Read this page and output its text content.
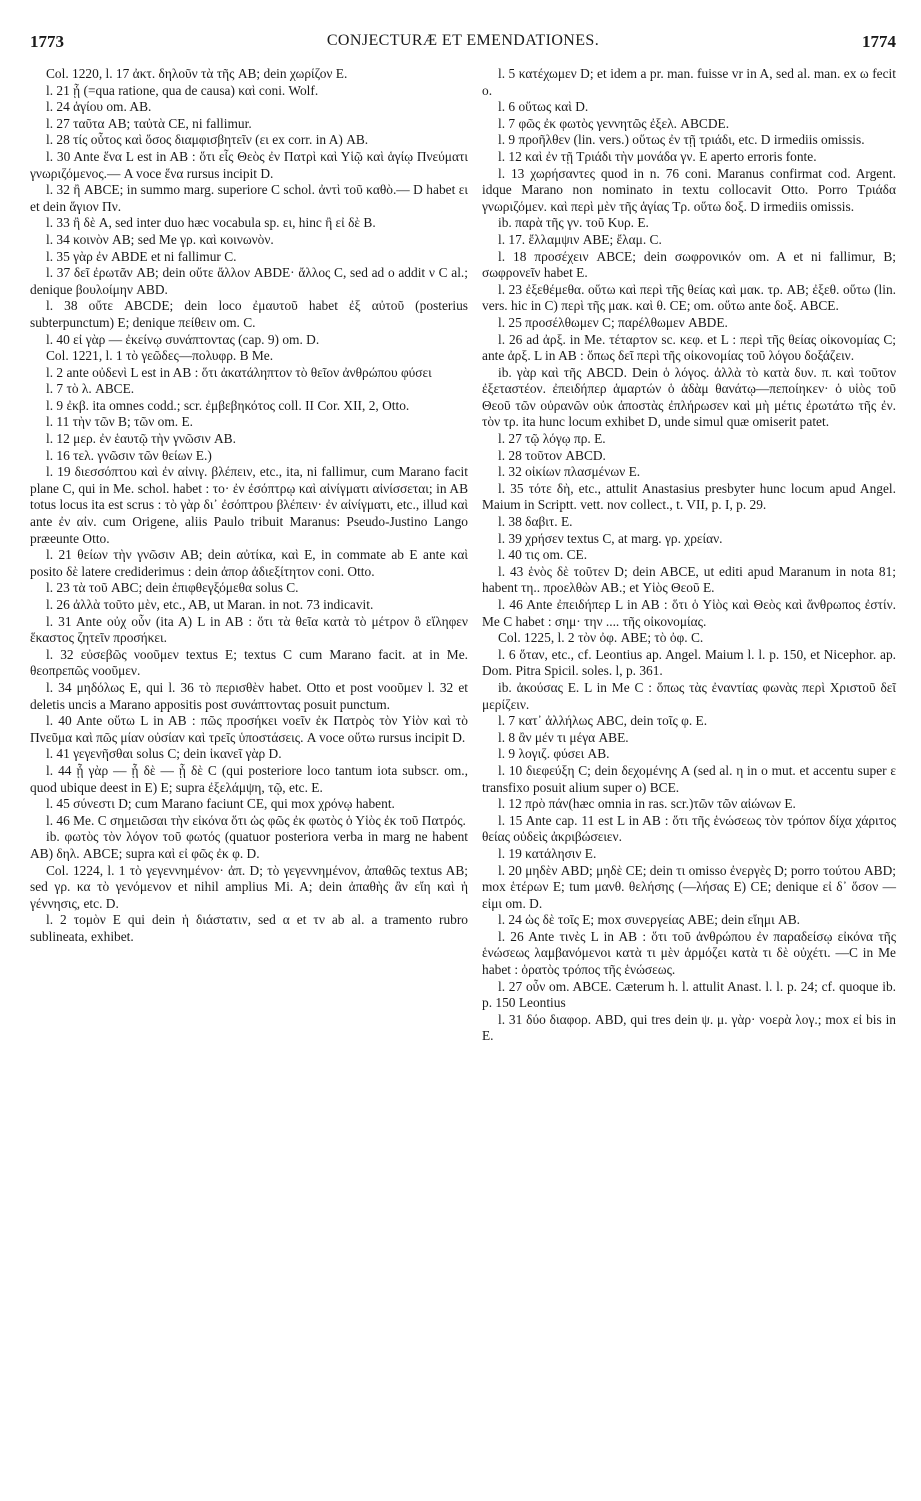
1773	CONJECTURÆ ET EMENDATIONES.	1774

Col. 1220, l. 17 ἀκτ. δηλοῦν τὰ τῆς AB; dein χωρίζον E.

l. 21 ᾗ (=qua ratione, qua de causa) καὶ coni. Wolf.

l. 24 ἁγίου om. AB.

l. 27 ταῦτα AB; ταὐτὰ CE, ni fallimur.

l. 28 τίς οὗτος καὶ ὅσος διαμφισβητεῖν (ει ex corr. in A) AB.

l. 30 Ante ἕνα L est in AB : ὅτι εἷς Θεὸς ἐν Πατρὶ καὶ Υἱῷ καὶ ἁγίῳ Πνεύματι γνωριζόμενος.— A voce ἕνα rursus incipit D.

l. 32 ἢ ABCE; in summo marg. superiore C schol. ἀντὶ τοῦ καθὸ.— D habet ει et dein ἅγιον Πν.

l. 33 ἢ δὲ A, sed inter duo hæc vocabula sp. ει, hinc ἢ εἰ δὲ B.

l. 34 κοινὸν AB; sed Me γρ. καὶ κοινωνὸν.

l. 35 γὰρ ἐν ABDE et ni fallimur C.

l. 37 δεῖ ἐρωτᾶν AB; dein οὔτε ἄλλον ABDE· ἄλλος C, sed ad ο addit ν C al.; denique βουλοίμην ABD.

l. 38 οὔτε ABCDE; dein loco ἐμαυτοῦ habet ἐξ αὐτοῦ (posterius subterpunctum) E; denique πείθειν om. C.

l. 40 εἰ γὰρ — ἐκείνῳ συνάπτοντας (cap. 9) om. D.

Col. 1221, l. 1 τὸ γεῶδες—πολυφρ. B Me.

l. 2 ante οὐδενὶ L est in AB : ὅτι ἀκατάληπτον τὸ θεῖον ἀνθρώπου φύσει

l. 7 τὸ λ. ABCE.

l. 9 ἐκβ. ita omnes codd.; scr. ἐμβεβηκότος coll. II Cor. XII, 2, Otto.

l. 11 τὴν τῶν B; τῶν om. E.

l. 12 μερ. ἐν ἑαυτῷ τὴν γνῶσιν AB.

l. 16 τελ. γνῶσιν τῶν θείων E.)

l. 19 διεσσόπτου καὶ ἐν αἰνιγ. βλέπειν, etc., ita, ni fallimur, cum Marano facit plane C, qui in Me. schol. habet : το· ἐν ἐσόπτρῳ καὶ αἰνίγματι αἰνίσσεται; in AB totus locus ita est scrus : τὸ γὰρ δι᾽ ἐσόπτρου βλέπειν· ἐν αἰνίγματι, etc., illud καὶ ante ἐν αἰν. cum Origene, aliis Paulo tribuit Maranus: Pseudo-Justino Lango præeunte Otto.

l. 21 θείων τὴν γνῶσιν AB; dein αὐτίκα, καὶ E, in commate ab E ante καὶ posito δὲ latere crediderimus : dein ἀπορ ἀδιεξίτητον coni. Otto.

l. 23 τὰ τοῦ ABC; dein ἐπιφθεγξόμεθα solus C.

l. 26 ἀλλὰ τοῦτο μὲν, etc., AB, ut Maran. in not. 73 indicavit.

l. 31 Ante οὐχ οὖν (ita A) L in AB : ὅτι τὰ θεῖα κατὰ τὸ μέτρον ὃ εἴληφεν ἕκαστος ζητεῖν προσήκει.

l. 32 εὐσεβῶς νοοῦμεν textus E; textus C cum Marano facit. at in Me. θεοπρεπῶς νοοῦμεν.

l. 34 μηδόλως E, qui l. 36 τὸ περισθὲν habet. Otto et post νοοῦμεν l. 32 et deletis uncis a Marano appositis post συνάπτοντας posuit punctum.

l. 40 Ante οὕτω L in AB : πῶς προσήκει νοεῖν ἐκ Πατρὸς τὸν Υἱὸν καὶ τὸ Πνεῦμα καὶ πῶς μίαν οὐσίαν καὶ τρεῖς ὑποστάσεις. A voce οὕτω rursus incipit D.

l. 41 γεγενῆσθαι solus C; dein ἱκανεῖ γὰρ D.

l. 44 ᾗ γὰρ — ᾗ δὲ — ᾗ δὲ C (qui posteriore loco tantum iota subscr. om., quod ubique deest in E) E; supra ἐξελάμψη, τῷ, etc. E.

l. 45 σύνεστι D; cum Marano faciunt CE, qui mox χρόνῳ habent.

l. 46 Me. C σημειῶσαι τὴν εἰκόνα ὅτι ὡς φῶς ἐκ φωτὸς ὁ Υἱὸς ἐκ τοῦ Πατρός.

ib. φωτὸς τὸν λόγον τοῦ φωτός (quatuor posteriora verba in marg ne habent AB) δηλ. ABCE; supra καὶ εἰ φῶς ἐκ φ. D.

Col. 1224, l. 1 τὸ γεγεννημένον· ἀπ. D; τὸ γεγεννημένον, ἀπαθῶς textus AB; sed γρ. κα τὸ γενόμενον et nihil amplius Mi. A; dein ἀπαθὴς ἂν εἴη καὶ ἡ γέννησις, etc. D.

l. 2 τομὸν E qui dein ἡ διάστατιν, sed α et τν ab al. a tramento rubro sublineata, exhibet.

l. 5 κατέχωμεν D; et idem a pr. man. fuisse vr in A, sed al. man. ex ω fecit ο.

l. 6 οὕτως καὶ D.

l. 7 φῶς ἐκ φωτὸς γεννητῶς ἐξελ. ABCDE.

l. 9 προῆλθεν (lin. vers.) οὕτως ἐν τῇ τριάδι, etc. D irmediis omissis.

l. 12 καὶ ἐν τῇ Τριάδι τὴν μονάδα γν. E aperto erroris fonte.

l. 13 χωρήσαντες quod in n. 76 coni. Maranus confirmat cod. Argent. idque Marano non nominato in textu collocavit Otto. Porro Τριάδα γνωριζόμεν. καὶ περὶ μὲν τῆς ἁγίας Τρ. οὕτω δοξ. D irmediis omissis.

ib. παρὰ τῆς γν. τοῦ Κυρ. E.

l. 17. ἔλλαμψιν ABE; ἔλαμ. C.

l. 18 προσέχειν ABCE; dein σωφρονικόν om. A et ni fallimur, B; σωφρονεῖν habet E.

l. 23 ἐξεθέμεθα. οὕτω καὶ περὶ τῆς θείας καὶ μακ. τρ. AB; ἐξεθ. οὕτω (lin. vers. hic in C) περὶ τῆς μακ. καὶ θ. CE; om. οὕτω ante δοξ. ABCE.

l. 25 προσέλθωμεν C; παρέλθωμεν ABDE.

l. 26 ad ἀρξ. in Me. τέταρτον sc. κεφ. et L : περὶ τῆς θείας οἰκονομίας C; ante ἀρξ. L in AB : ὅπως δεῖ περὶ τῆς οἰκονομίας τοῦ λόγου δοξάζειν.

ib. γὰρ καὶ τῆς ABCD. Dein ὁ λόγος. ἀλλὰ τὸ κατὰ δυν. π. καὶ τοῦτον ἐξεταστέον. ἐπειδήπερ ἁμαρτών ὁ ἀδὰμ θανάτῳ—πεποίηκεν· ὁ υἱὸς τοῦ Θεοῦ τῶν οὐρανῶν οὐκ ἀποστὰς ἐπλήρωσεν καὶ μὴ μέτις ἐρωτάτω τῆς ἐν. τὸν τρ. ita hunc locum exhibet D, unde simul quæ omiserit patet.

l. 27 τῷ λόγῳ πρ. E.

l. 28 τοῦτον ABCD.

l. 32 οἰκίων πλασμένων E.

l. 35 τότε δὴ, etc., attulit Anastasius presbyter hunc locum apud Angel. Maium in Scriptt. vett. nov collect., t. VII, p. I, p. 29.

l. 38 δαβιτ. E.

l. 39 χρήσεν textus C, at marg. γρ. χρείαν.

l. 40 τις om. CE.

l. 43 ἑνὸς δὲ τοῦτεν D; dein ABCE, ut editi apud Maranum in nota 81; habent τη.. προελθὼν AB.; et Υἱὸς Θεοῦ E.

l. 46 Ante ἐπειδήπερ L in AB : ὅτι ὁ Υἱὸς καὶ Θεὸς καὶ ἄνθρωπος ἐστίν. Me C habet : σημ· την .... τῆς οἰκονομίας.

Col. 1225, l. 2 τὸν ὀφ. ABE; τὸ ὀφ. C.

l. 6 ὅταν, etc., cf. Leontius ap. Angel. Maium l. l. p. 150, et Nicephor. ap. Dom. Pitra Spicil. soles. l, p. 361.

ib. ἀκούσας E. L in Me C : ὅπως τὰς ἐναντίας φωνὰς περὶ Χριστοῦ δεῖ μερίζειν.

l. 7 κατ᾽ ἀλλήλως ABC, dein τοῖς φ. E.

l. 8 ἂν μέν τι μέγα ABE.

l. 9 λογιζ. φύσει AB.

l. 10 διεφεύξη C; dein δεχομένης A (sed al. η in ο mut. et accentu super ε transfixo posuit alium super ο) BCE.

l. 12 πρὸ πάν(hæc omnia in ras. scr.)τῶν τῶν αἰώνων E.

l. 15 Ante cap. 11 est L in AB : ὅτι τῆς ἑνώσεως τὸν τρόπον δίχα χάριτος θείας οὐδεὶς ἀκριβώσειεν.

l. 19 κατάλησιν E.

l. 20 μηδὲν ABD; μηδὲ CE; dein τι omisso ἐνεργὲς D; porro τούτου ABD; mox ἑτέρων E; tum μανθ. θελήσης (—λήσας E) CE; denique εἰ δ᾽ ὅσον —εἰμι om. D.

l. 24 ὡς δὲ τοῖς E; mox συνεργείας ABE; dein εἴημι AB.

l. 26 Ante τινὲς L in AB : ὅτι τοῦ ἀνθρώπου ἐν παραδείσῳ εἰκόνα τῆς ἑνώσεως λαμβανόμενοι κατὰ τι μὲν ἁρμόζει κατὰ τι δὲ οὐχέτι. —C in Me habet : ὁρατὸς τρόπος τῆς ἑνώσεως.

l. 27 οὖν om. ABCE. Cæterum h. l. attulit Anast. l. l. p. 24; cf. quoque ib. p. 150 Leontius

l. 31 δύο διαφορ. ABD, qui tres dein ψ. μ. γὰρ· νοερὰ λογ.; mox εἰ bis in E.
